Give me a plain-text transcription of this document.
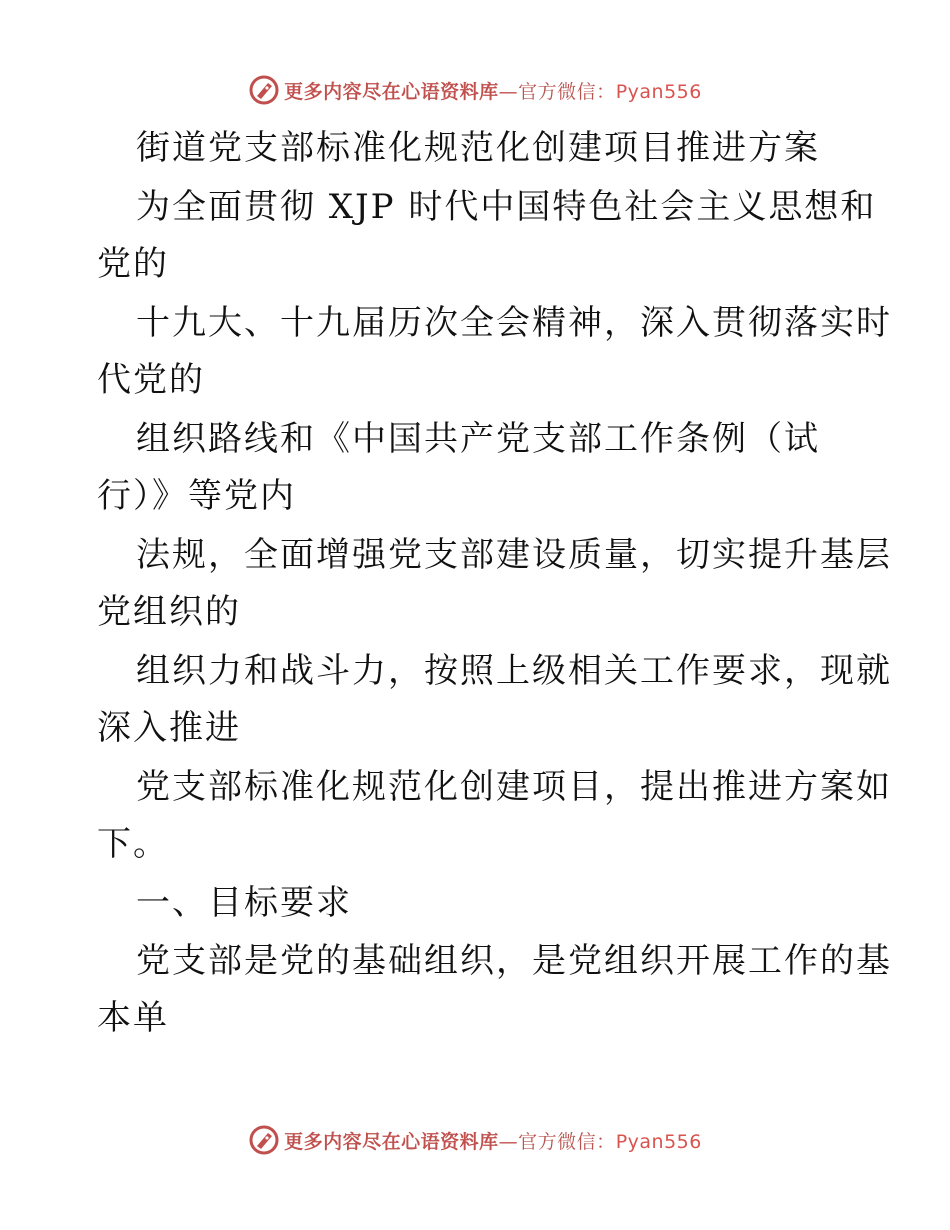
更多内容尽在心语资料库—官方微信：Pyan556
街道党支部标准化规范化创建项目推进方案
为全面贯彻 XJP 时代中国特色社会主义思想和
党的
十九大、十九届历次全会精神，深入贯彻落实时
代党的
组织路线和《中国共产党支部工作条例（试
行）》等党内
法规，全面增强党支部建设质量，切实提升基层
党组织的
组织力和战斗力，按照上级相关工作要求，现就
深入推进
党支部标准化规范化创建项目，提出推进方案如
下。
一、目标要求
党支部是党的基础组织，是党组织开展工作的基
本单
更多内容尽在心语资料库—官方微信：Pyan556
